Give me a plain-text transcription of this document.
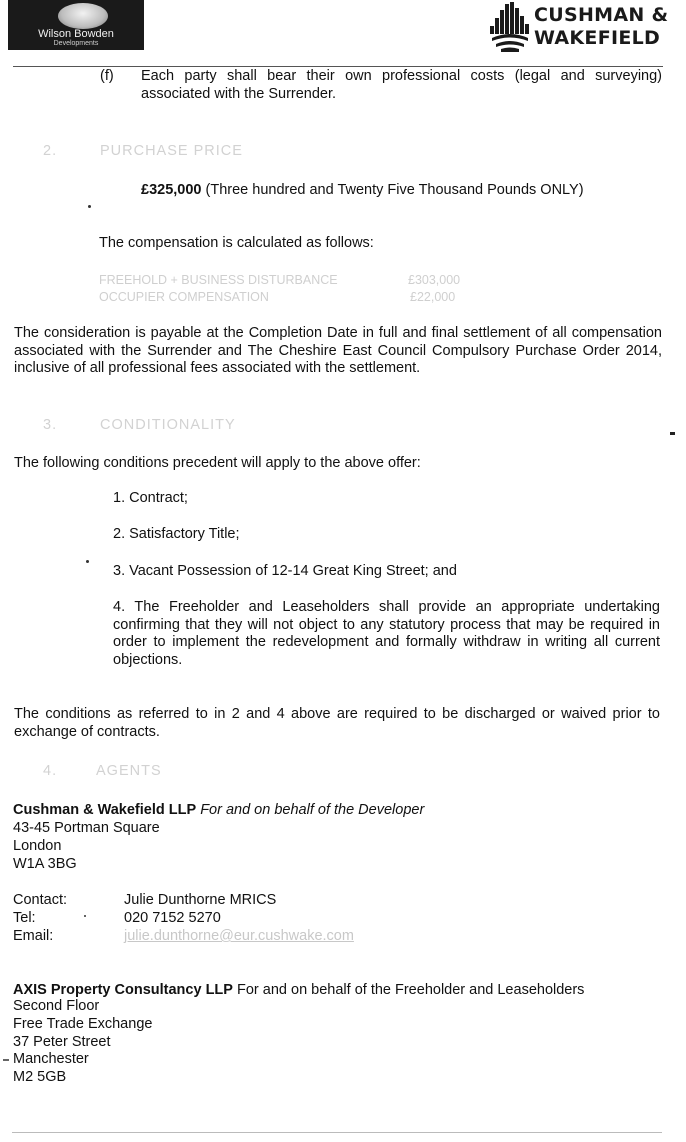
Wilson Bowden
Developments
CUSHMAN &
WAKEFIELD
(f) Each party shall bear their own professional costs (legal and surveying) associated with the Surrender.
2.	PURCHASE PRICE
£325,000 (Three hundred and Twenty Five Thousand Pounds ONLY)
The compensation is calculated as follows:
FREEHOLD + BUSINESS DISTURBANCE	£303,000
OCCUPIER COMPENSATION	£22,000
The consideration is payable at the Completion Date in full and final settlement of all compensation associated with the Surrender and The Cheshire East Council Compulsory Purchase Order 2014, inclusive of all professional fees associated with the settlement.
3.	CONDITIONALITY
The following conditions precedent will apply to the above offer:
1. Contract;
2. Satisfactory Title;
3. Vacant Possession of 12-14 Great King Street; and
4. The Freeholder and Leaseholders shall provide an appropriate undertaking confirming that they will not object to any statutory process that may be required in order to implement the redevelopment and formally withdraw in writing all current objections.
The conditions as referred to in 2 and 4 above are required to be discharged or waived prior to exchange of contracts.
4.	AGENTS
Cushman & Wakefield LLP For and on behalf of the Developer
43-45 Portman Square
London
W1A 3BG
Contact:	Julie Dunthorne MRICS
Tel:	020 7152 5270
Email:	julie.dunthorne@eur.cushwake.com
AXIS Property Consultancy LLP For and on behalf of the Freeholder and Leaseholders
Second Floor
Free Trade Exchange
37 Peter Street
Manchester
M2 5GB
